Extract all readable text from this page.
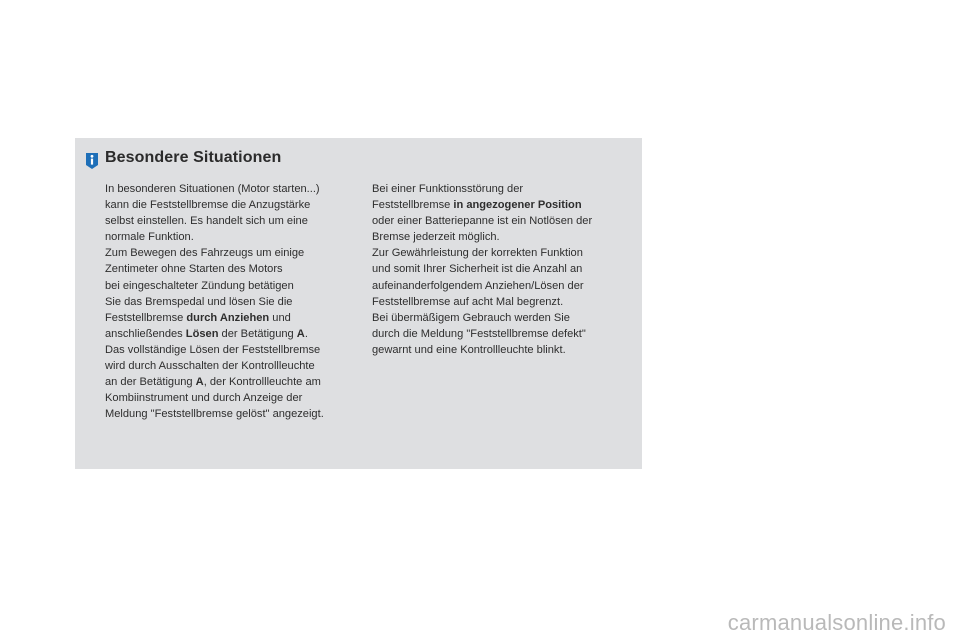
Besondere Situationen
In besonderen Situationen (Motor starten...)
kann die Feststellbremse die Anzugstärke
selbst einstellen. Es handelt sich um eine
normale Funktion.
Zum Bewegen des Fahrzeugs um einige
Zentimeter ohne Starten des Motors
bei eingeschalteter Zündung betätigen
Sie das Bremspedal und lösen Sie die
Feststellbremse durch Anziehen und
anschließendes Lösen der Betätigung A.
Das vollständige Lösen der Feststellbremse
wird durch Ausschalten der Kontrollleuchte
an der Betätigung A, der Kontrollleuchte am
Kombiinstrument und durch Anzeige der
Meldung "Feststellbremse gelöst" angezeigt.
Bei einer Funktionsstörung der
Feststellbremse in angezogener Position
oder einer Batteriepanne ist ein Notlösen der
Bremse jederzeit möglich.
Zur Gewährleistung der korrekten Funktion
und somit Ihrer Sicherheit ist die Anzahl an
aufeinanderfolgendem Anziehen/Lösen der
Feststellbremse auf acht Mal begrenzt.
Bei übermäßigem Gebrauch werden Sie
durch die Meldung "Feststellbremse defekt"
gewarnt und eine Kontrollleuchte blinkt.
carmanualsonline.info
